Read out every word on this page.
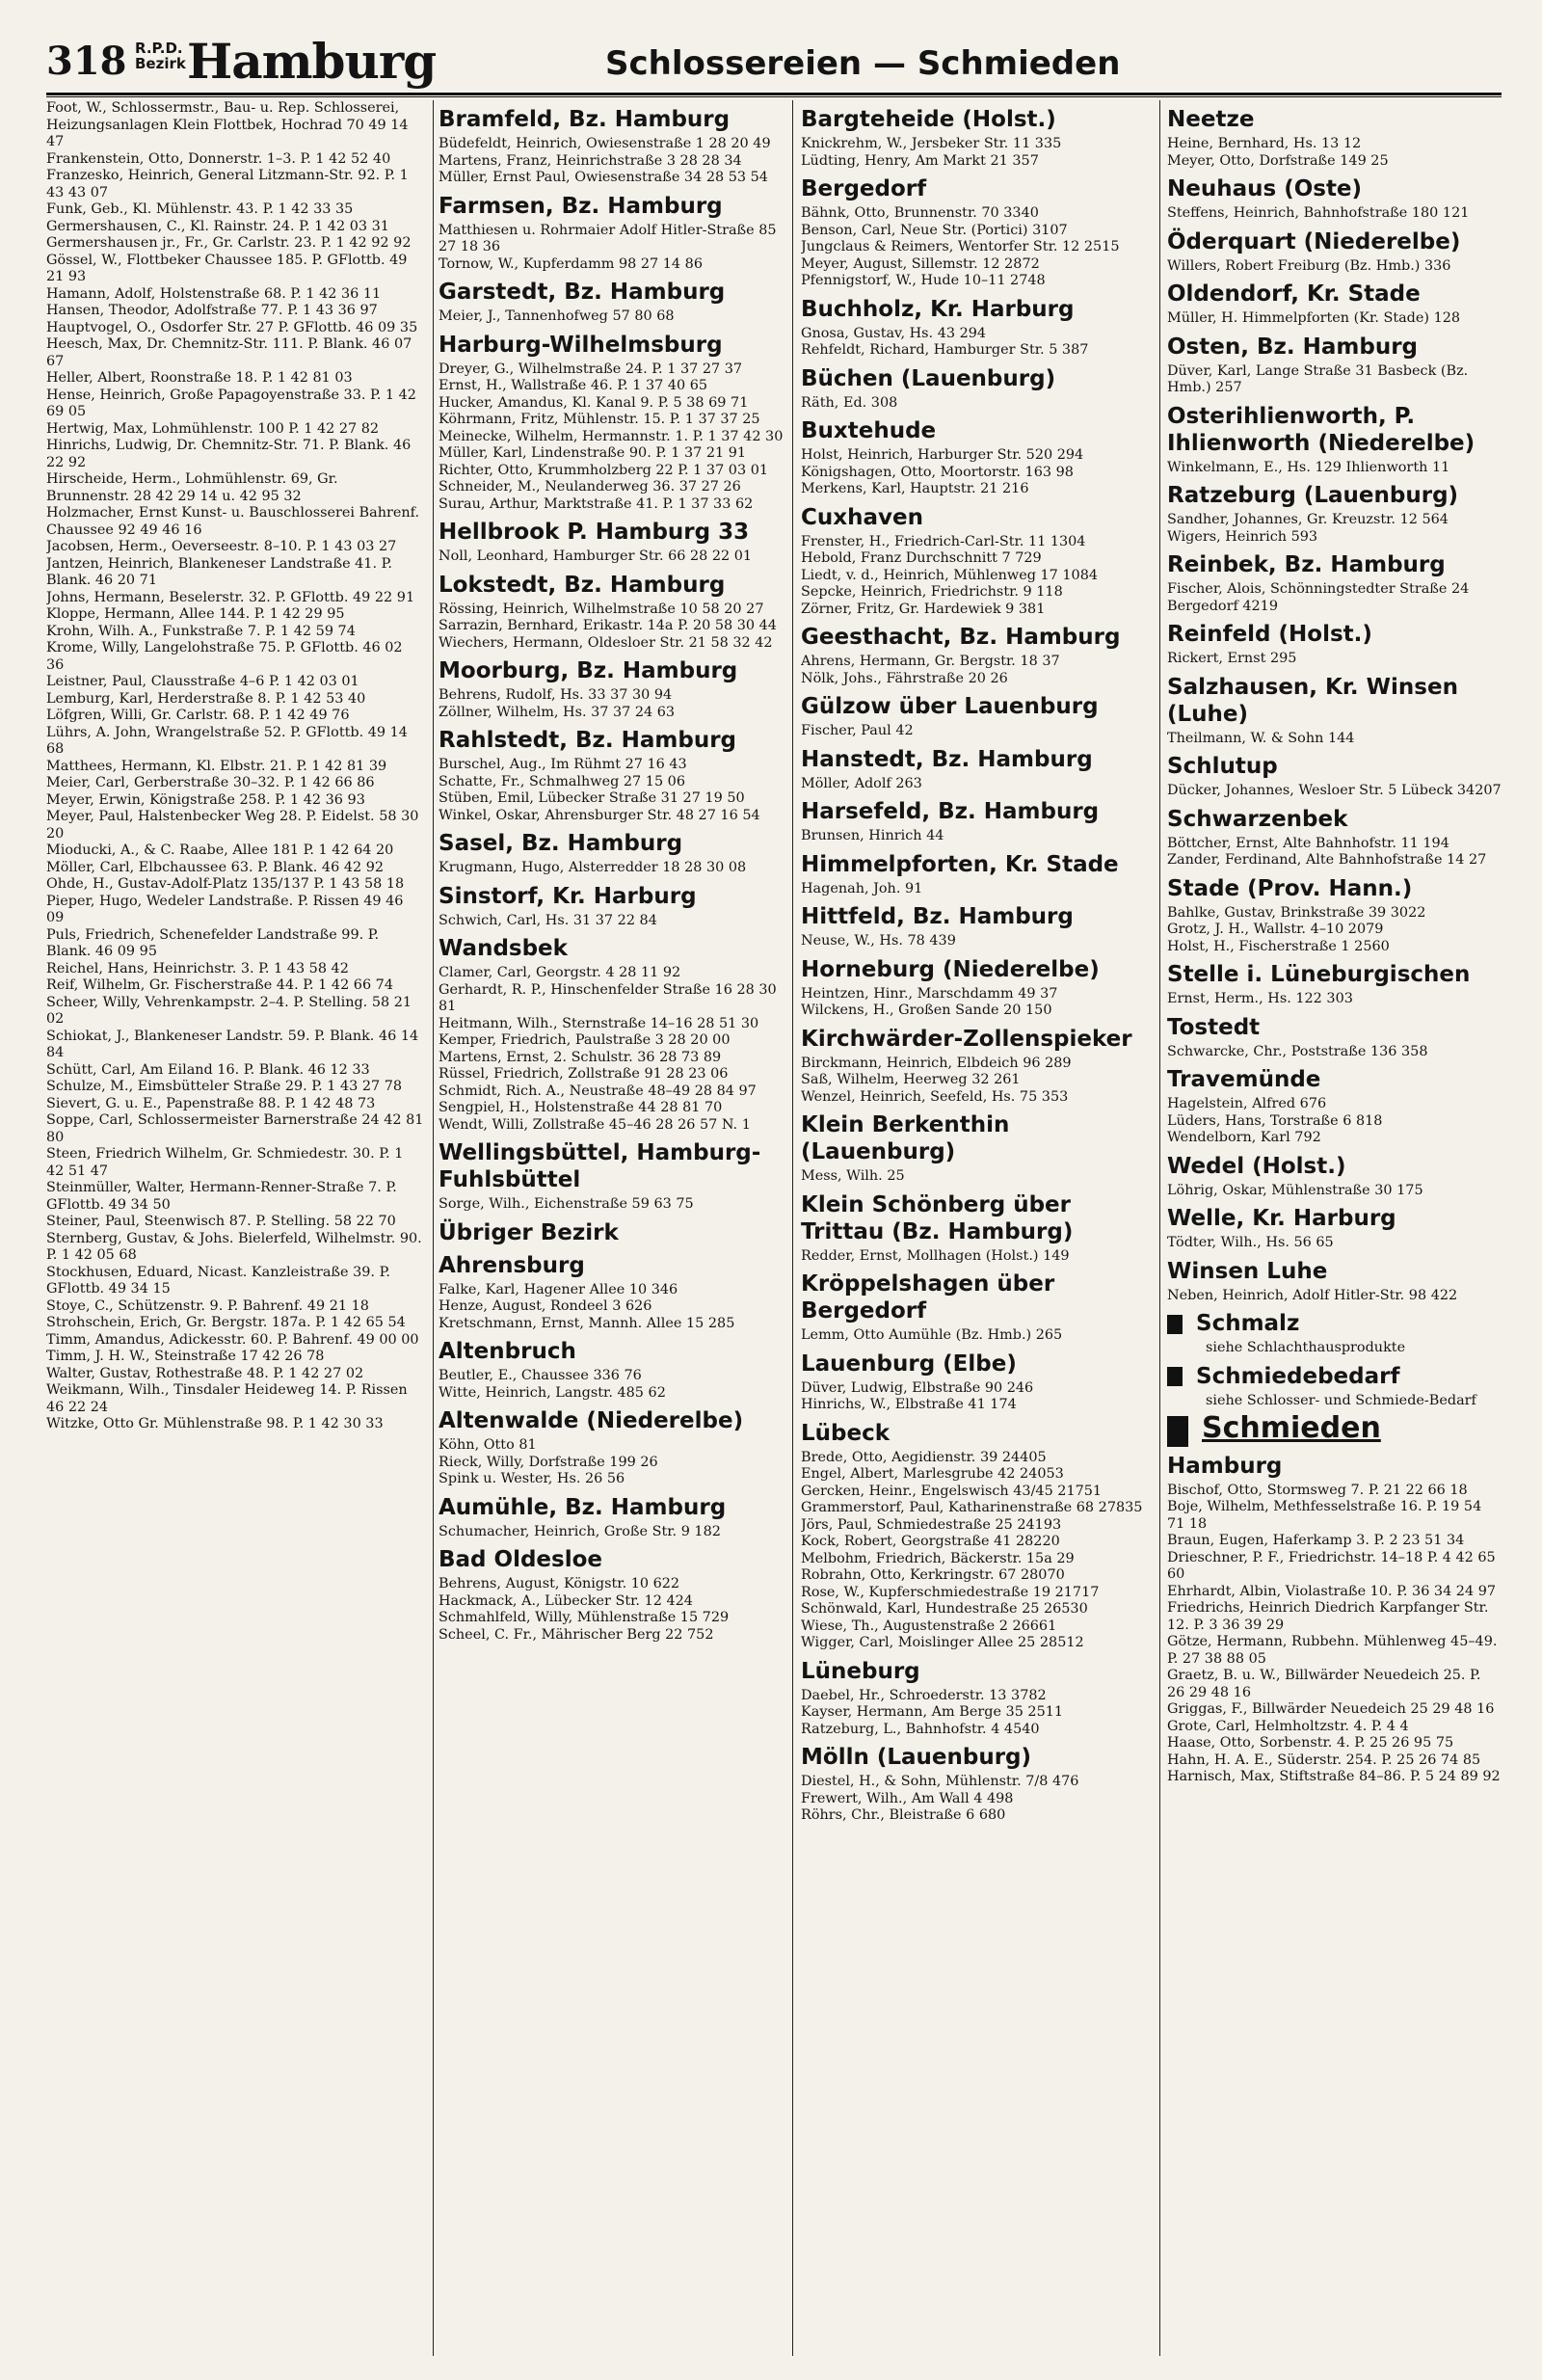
318 R.P.D.
Bezirk Hamburg	Schlossereien — Schmieden
Foot, W., Schlossermstr., Bau- u. Rep. Schlosserei, Heizungsanlagen Klein Flottbek, Hochrad 70 49 14 47
Frankenstein, Otto, Donnerstr. 1–3. P. 1 42 52 40
Franzesko, Heinrich, General Litzmann-Str. 92. P. 1 43 43 07
Funk, Geb., Kl. Mühlenstr. 43. P. 1 42 33 35
Germershausen, C., Kl. Rainstr. 24. P. 1 42 03 31
Germershausen jr., Fr., Gr. Carlstr. 23. P. 1 42 92 92
Gössel, W., Flottbeker Chaussee 185. P. GFlottb. 49 21 93
Hamann, Adolf, Holstenstraße 68. P. 1 42 36 11
Hansen, Theodor, Adolfstraße 77. P. 1 43 36 97
Hauptvogel, O., Osdorfer Str. 27 P. GFlottb. 46 09 35
Heesch, Max, Dr. Chemnitz-Str. 111. P. Blank. 46 07 67
Heller, Albert, Roonstraße 18. P. 1 42 81 03
Hense, Heinrich, Große Papagoyenstraße 33. P. 1 42 69 05
Hertwig, Max, Lohmühlenstr. 100 P. 1 42 27 82
Hinrichs, Ludwig, Dr. Chemnitz-Str. 71. P. Blank. 46 22 92
Hirscheide, Herm., Lohmühlenstr. 69, Gr. Brunnenstr. 28 42 29 14 u. 42 95 32
Holzmacher, Ernst Kunst- u. Bauschlosserei Bahrenf. Chaussee 92 49 46 16
Jacobsen, Herm., Oeverseestr. 8–10. P. 1 43 03 27
Jantzen, Heinrich, Blankeneser Landstraße 41. P. Blank. 46 20 71
Johns, Hermann, Beselerstr. 32. P. GFlottb. 49 22 91
Kloppe, Hermann, Allee 144. P. 1 42 29 95
Krohn, Wilh. A., Funkstraße 7. P. 1 42 59 74
Krome, Willy, Langelohstraße 75. P. GFlottb. 46 02 36
Leistner, Paul, Clausstraße 4–6 P. 1 42 03 01
Lemburg, Karl, Herderstraße 8. P. 1 42 53 40
Löfgren, Willi, Gr. Carlstr. 68. P. 1 42 49 76
Lührs, A. John, Wrangelstraße 52. P. GFlottb. 49 14 68
Matthees, Hermann, Kl. Elbstr. 21. P. 1 42 81 39
Meier, Carl, Gerberstraße 30–32. P. 1 42 66 86
Meyer, Erwin, Königstraße 258. P. 1 42 36 93
Meyer, Paul, Halstenbecker Weg 28. P. Eidelst. 58 30 20
Mioducki, A., & C. Raabe, Allee 181 P. 1 42 64 20
Möller, Carl, Elbchaussee 63. P. Blank. 46 42 92
Ohde, H., Gustav-Adolf-Platz 135/137 P. 1 43 58 18
Pieper, Hugo, Wedeler Landstraße. P. Rissen 49 46 09
Puls, Friedrich, Schenefelder Landstraße 99. P. Blank. 46 09 95
Reichel, Hans, Heinrichstr. 3. P. 1 43 58 42
Reif, Wilhelm, Gr. Fischerstraße 44. P. 1 42 66 74
Scheer, Willy, Vehrenkampstr. 2–4. P. Stelling. 58 21 02
Schiokat, J., Blankeneser Landstr. 59. P. Blank. 46 14 84
Schütt, Carl, Am Eiland 16. P. Blank. 46 12 33
Schulze, M., Eimsbütteler Straße 29. P. 1 43 27 78
Sievert, G. u. E., Papenstraße 88. P. 1 42 48 73
Soppe, Carl, Schlossermeister Barnerstraße 24 42 81 80
Steen, Friedrich Wilhelm, Gr. Schmiedestr. 30. P. 1 42 51 47
Steinmüller, Walter, Hermann-Renner-Straße 7. P. GFlottb. 49 34 50
Steiner, Paul, Steenwisch 87. P. Stelling. 58 22 70
Sternberg, Gustav, & Johs. Bielerfeld, Wilhelmstr. 90. P. 1 42 05 68
Stockhusen, Eduard, Nicast. Kanzleistraße 39. P. GFlottb. 49 34 15
Stoye, C., Schützenstr. 9. P. Bahrenf. 49 21 18
Strohschein, Erich, Gr. Bergstr. 187a. P. 1 42 65 54
Timm, Amandus, Adickesstr. 60. P. Bahrenf. 49 00 00
Timm, J. H. W., Steinstraße 17 42 26 78
Walter, Gustav, Rothestraße 48. P. 1 42 27 02
Weikmann, Wilh., Tinsdaler Heideweg 14. P. Rissen 46 22 24
Witzke, Otto Gr. Mühlenstraße 98. P. 1 42 30 33
Bramfeld, Bz. Hamburg
Büdefeldt, Heinrich, Owiesenstraße 1 28 20 49
Martens, Franz, Heinrichstraße 3 28 28 34
Müller, Ernst Paul, Owiesenstraße 34 28 53 54
Farmsen, Bz. Hamburg
Matthiesen u. Rohrmaier Adolf Hitler-Straße 85 27 18 36
Tornow, W., Kupferdamm 98 27 14 86
Garstedt, Bz. Hamburg
Meier, J., Tannenhofweg 57 80 68
Harburg-Wilhelmsburg
Dreyer, G., Wilhelmstraße 24. P. 1 37 27 37
Ernst, H., Wallstraße 46. P. 1 37 40 65
Hucker, Amandus, Kl. Kanal 9. P. 5 38 69 71
Köhrmann, Fritz, Mühlenstr. 15. P. 1 37 37 25
Meinecke, Wilhelm, Hermannstr. 1. P. 1 37 42 30
Müller, Karl, Lindenstraße 90. P. 1 37 21 91
Richter, Otto, Krummholzberg 22 P. 1 37 03 01
Schneider, M., Neulanderweg 36. 37 27 26
Surau, Arthur, Marktstraße 41. P. 1 37 33 62
Hellbrook P. Hamburg 33
Noll, Leonhard, Hamburger Str. 66 28 22 01
Lokstedt, Bz. Hamburg
Rössing, Heinrich, Wilhelmstraße 10 58 20 27
Sarrazin, Bernhard, Erikastr. 14a P. 20 58 30 44
Wiechers, Hermann, Oldesloer Str. 21 58 32 42
Moorburg, Bz. Hamburg
Behrens, Rudolf, Hs. 33 37 30 94
Zöllner, Wilhelm, Hs. 37 37 24 63
Rahlstedt, Bz. Hamburg
Burschel, Aug., Im Rühmt 27 16 43
Schatte, Fr., Schmalhweg 27 15 06
Stüben, Emil, Lübecker Straße 31 27 19 50
Winkel, Oskar, Ahrensburger Str. 48 27 16 54
Sasel, Bz. Hamburg
Krugmann, Hugo, Alsterredder 18 28 30 08
Sinstorf, Kr. Harburg
Schwich, Carl, Hs. 31 37 22 84
Wandsbek
Clamer, Carl, Georgstr. 4 28 11 92
Gerhardt, R. P., Hinschenfelder Straße 16 28 30 81
Heitmann, Wilh., Sternstraße 14–16 28 51 30
Kemper, Friedrich, Paulstraße 3 28 20 00
Martens, Ernst, 2. Schulstr. 36 28 73 89
Rüssel, Friedrich, Zollstraße 91 28 23 06
Schmidt, Rich. A., Neustraße 48–49 28 84 97
Sengpiel, H., Holstenstraße 44 28 81 70
Wendt, Willi, Zollstraße 45–46 28 26 57 N. 1
Wellingsbüttel, Hamburg-Fuhlsbüttel
Sorge, Wilh., Eichenstraße 59 63 75
Übriger Bezirk
Ahrensburg
Falke, Karl, Hagener Allee 10 346
Henze, August, Rondeel 3 626
Kretschmann, Ernst, Mannh. Allee 15 285
Altenbruch
Beutler, E., Chaussee 336 76
Witte, Heinrich, Langstr. 485 62
Altenwalde (Niederelbe)
Köhn, Otto 81
Rieck, Willy, Dorfstraße 199 26
Spink u. Wester, Hs. 26 56
Aumühle, Bz. Hamburg
Schumacher, Heinrich, Große Str. 9 182
Bad Oldesloe
Behrens, August, Königstr. 10 622
Hackmack, A., Lübecker Str. 12 424
Schmahlfeld, Willy, Mühlenstraße 15 729
Scheel, C. Fr., Mährischer Berg 22 752
Bargteheide (Holst.)
Knickrehm, W., Jersbeker Str. 11 335
Lüdting, Henry, Am Markt 21 357
Bergedorf
Bähnk, Otto, Brunnenstr. 70 3340
Benson, Carl, Neue Str. (Portici) 3107
Jungclaus & Reimers, Wentorfer Str. 12 2515
Meyer, August, Sillemstr. 12 2872
Pfennigstorf, W., Hude 10–11 2748
Buchholz, Kr. Harburg
Gnosa, Gustav, Hs. 43 294
Rehfeldt, Richard, Hamburger Str. 5 387
Büchen (Lauenburg)
Räth, Ed. 308
Buxtehude
Holst, Heinrich, Harburger Str. 520 294
Königshagen, Otto, Moortorstr. 163 98
Merkens, Karl, Hauptstr. 21 216
Cuxhaven
Frenster, H., Friedrich-Carl-Str. 11 1304
Hebold, Franz Durchschnitt 7 729
Liedt, v. d., Heinrich, Mühlenweg 17 1084
Sepcke, Heinrich, Friedrichstr. 9 118
Zörner, Fritz, Gr. Hardewiek 9 381
Geesthacht, Bz. Hamburg
Ahrens, Hermann, Gr. Bergstr. 18 37
Nölk, Johs., Fährstraße 20 26
Gülzow über Lauenburg
Fischer, Paul 42
Hanstedt, Bz. Hamburg
Möller, Adolf 263
Harsefeld, Bz. Hamburg
Brunsen, Hinrich 44
Himmelpforten, Kr. Stade
Hagenah, Joh. 91
Hittfeld, Bz. Hamburg
Neuse, W., Hs. 78 439
Horneburg (Niederelbe)
Heintzen, Hinr., Marschdamm 49 37
Wilckens, H., Großen Sande 20 150
Kirchwärder-Zollenspieker
Birckmann, Heinrich, Elbdeich 96 289
Saß, Wilhelm, Heerweg 32 261
Wenzel, Heinrich, Seefeld, Hs. 75 353
Klein Berkenthin (Lauenburg)
Mess, Wilh. 25
Klein Schönberg über Trittau (Bz. Hamburg)
Redder, Ernst, Mollhagen (Holst.) 149
Kröppelshagen über Bergedorf
Lemm, Otto Aumühle (Bz. Hmb.) 265
Lauenburg (Elbe)
Düver, Ludwig, Elbstraße 90 246
Hinrichs, W., Elbstraße 41 174
Lübeck
Brede, Otto, Aegidienstr. 39 24405
Engel, Albert, Marlesgrube 42 24053
Gercken, Heinr., Engelswisch 43/45 21751
Grammerstorf, Paul, Katharinenstraße 68 27835
Jörs, Paul, Schmiedestraße 25 24193
Kock, Robert, Georgstraße 41 28220
Melbohm, Friedrich, Bäckerstr. 15a 29
Robrahn, Otto, Kerkringstr. 67 28070
Rose, W., Kupferschmiedestraße 19 21717
Schönwald, Karl, Hundestraße 25 26530
Wiese, Th., Augustenstraße 2 26661
Wigger, Carl, Moislinger Allee 25 28512
Lüneburg
Daebel, Hr., Schroederstr. 13 3782
Kayser, Hermann, Am Berge 35 2511
Ratzeburg, L., Bahnhofstr. 4 4540
Mölln (Lauenburg)
Diestel, H., & Sohn, Mühlenstr. 7/8 476
Frewert, Wilh., Am Wall 4 498
Röhrs, Chr., Bleistraße 6 680
Neetze
Heine, Bernhard, Hs. 13 12
Meyer, Otto, Dorfstraße 149 25
Neuhaus (Oste)
Steffens, Heinrich, Bahnhofstraße 180 121
Öderquart (Niederelbe)
Willers, Robert Freiburg (Bz. Hmb.) 336
Oldendorf, Kr. Stade
Müller, H. Himmelpforten (Kr. Stade) 128
Osten, Bz. Hamburg
Düver, Karl, Lange Straße 31 Basbeck (Bz. Hmb.) 257
Osterihlienworth, P. Ihlienworth (Niederelbe)
Winkelmann, E., Hs. 129 Ihlienworth 11
Ratzeburg (Lauenburg)
Sandher, Johannes, Gr. Kreuzstr. 12 564
Wigers, Heinrich 593
Reinbek, Bz. Hamburg
Fischer, Alois, Schönningstedter Straße 24 Bergedorf 4219
Reinfeld (Holst.)
Rickert, Ernst 295
Salzhausen, Kr. Winsen (Luhe)
Theilmann, W. & Sohn 144
Schlutup
Dücker, Johannes, Wesloer Str. 5 Lübeck 34207
Schwarzenbek
Böttcher, Ernst, Alte Bahnhofstr. 11 194
Zander, Ferdinand, Alte Bahnhofstraße 14 27
Stade (Prov. Hann.)
Bahlke, Gustav, Brinkstraße 39 3022
Grotz, J. H., Wallstr. 4–10 2079
Holst, H., Fischerstraße 1 2560
Stelle i. Lüneburgischen
Ernst, Herm., Hs. 122 303
Tostedt
Schwarcke, Chr., Poststraße 136 358
Travemünde
Hagelstein, Alfred 676
Lüders, Hans, Torstraße 6 818
Wendelborn, Karl 792
Wedel (Holst.)
Löhrig, Oskar, Mühlenstraße 30 175
Welle, Kr. Harburg
Tödter, Wilh., Hs. 56 65
Winsen Luhe
Neben, Heinrich, Adolf Hitler-Str. 98 422
Schmalz
siehe Schlachthausprodukte
Schmiedebedarf
siehe Schlosser- und Schmiede-Bedarf
Schmieden
Hamburg
Bischof, Otto, Stormsweg 7. P. 21 22 66 18
Boje, Wilhelm, Methfesselstraße 16. P. 19 54 71 18
Braun, Eugen, Haferkamp 3. P. 2 23 51 34
Drieschner, P. F., Friedrichstr. 14–18 P. 4 42 65 60
Ehrhardt, Albin, Violastraße 10. P. 36 34 24 97
Friedrichs, Heinrich Diedrich Karpfanger Str. 12. P. 3 36 39 29
Götze, Hermann, Rubbehn. Mühlenweg 45–49. P. 27 38 88 05
Graetz, B. u. W., Billwärder Neuedeich 25. P. 26 29 48 16
Griggas, F., Billwärder Neuedeich 25 29 48 16
Grote, Carl, Helmholtzstr. 4. P. 4 4
Haase, Otto, Sorbenstr. 4. P. 25 26 95 75
Hahn, H. A. E., Süderstr. 254. P. 25 26 74 85
Harnisch, Max, Stiftstraße 84–86. P. 5 24 89 92
